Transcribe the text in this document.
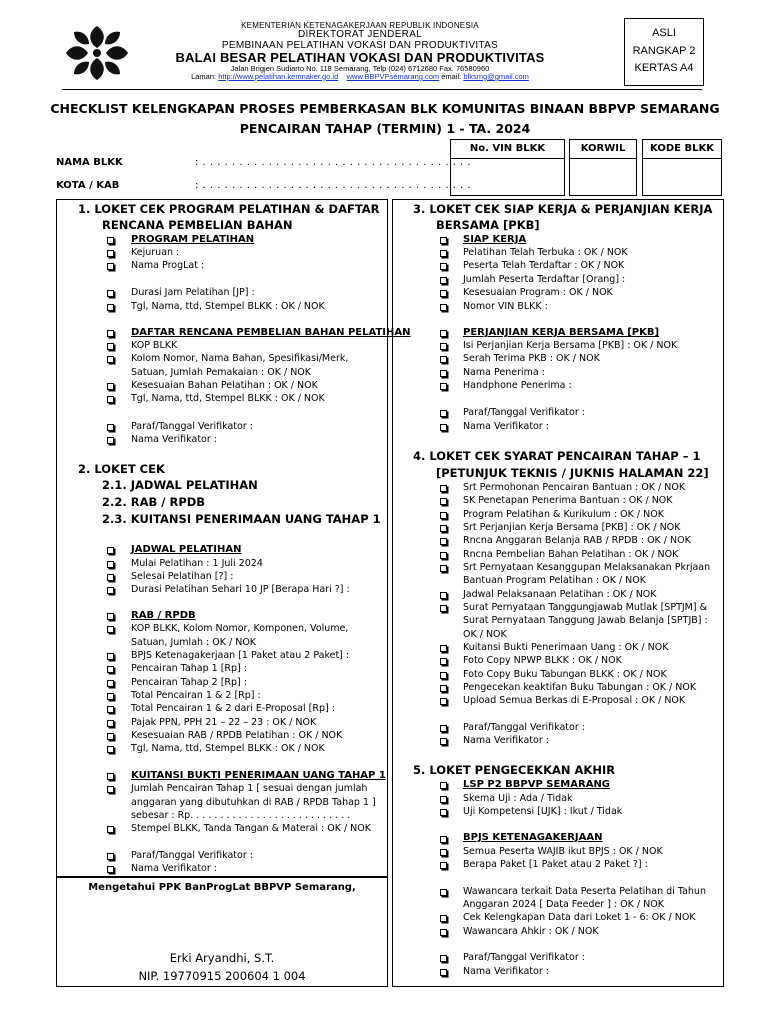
KEMENTERIAN KETENAGAKERJAAN REPUBLIK INDONESIA
DIREKTORAT JENDERAL
PEMBINAAN PELATIHAN VOKASI DAN PRODUKTIVITAS
BALAI BESAR PELATIHAN VOKASI DAN PRODUKTIVITAS
Jalan Brigjen Sudiarto No. 118 Semarang, Telp (024) 6712680 Fax. 76580960
Laman: http://www.pelatihan.kemnaker.go.id www.BBPVPsemarang.com email: blksmg@gmail.com
ASLI
RANGKAP 2
KERTAS A4
CHECKLIST KELENGKAPAN PROSES PEMBERKASAN BLK KOMUNITAS BINAAN BBPVP SEMARANG
PENCAIRAN TAHAP (TERMIN) 1 - TA. 2024
NAMA BLKK	: . . . . . . . . . . . . . . . . . . . . . . . . . . . . . . . . . . . . .
KOTA / KAB	: . . . . . . . . . . . . . . . . . . . . . . . . . . . . . . . . . . . . .
No. VIN BLKK	KORWIL	KODE BLKK
1. LOKET CEK PROGRAM PELATIHAN & DAFTAR
RENCANA PEMBELIAN BAHAN
PROGRAM PELATIHAN
Kejuruan :
Nama ProgLat :
Durasi Jam Pelatihan [JP] :
Tgl, Nama, ttd, Stempel BLKK : OK / NOK
DAFTAR RENCANA PEMBELIAN BAHAN PELATIHAN
KOP BLKK
Kolom Nomor, Nama Bahan, Spesifikasi/Merk,
Satuan, Jumlah Pemakaian : OK / NOK
Kesesuaian Bahan Pelatihan : OK / NOK
Tgl, Nama, ttd, Stempel BLKK : OK / NOK
Paraf/Tanggal Verifikator :
Nama Verifikator :
2. LOKET CEK
2.1. JADWAL PELATIHAN
2.2. RAB / RPDB
2.3. KUITANSI PENERIMAAN UANG TAHAP 1
JADWAL PELATIHAN
Mulai Pelatihan : 1 Juli 2024
Selesai Pelatihan [?] :
Durasi Pelatihan Sehari 10 JP [Berapa Hari ?] :
RAB / RPDB
KOP BLKK, Kolom Nomor, Komponen, Volume,
Satuan, Jumlah : OK / NOK
BPJS Ketenagakerjaan [1 Paket atau 2 Paket] :
Pencairan Tahap 1 [Rp] :
Pencairan Tahap 2 [Rp] :
Total Pencairan 1 & 2 [Rp] :
Total Pencairan 1 & 2 dari E-Proposal [Rp] :
Pajak PPN, PPH 21 – 22 – 23 : OK / NOK
Kesesuaian RAB / RPDB Pelatihan : OK / NOK
Tgl, Nama, ttd, Stempel BLKK : OK / NOK
KUITANSI BUKTI PENERIMAAN UANG TAHAP 1
Jumlah Pencairan Tahap 1 [ sesuai dengan jumlah
anggaran yang dibutuhkan di RAB / RPDB Tahap 1 ]
sebesar : Rp. . . . . . . . . . . . . . . . . . . . . . . . . . .
Stempel BLKK, Tanda Tangan & Materai : OK / NOK
Paraf/Tanggal Verifikator :
Nama Verifikator :
Mengetahui PPK BanProgLat BBPVP Semarang,
Erki Aryandhi, S.T.
NIP. 19770915 200604 1 004
3. LOKET CEK SIAP KERJA & PERJANJIAN KERJA
BERSAMA [PKB]
SIAP KERJA
Pelatihan Telah Terbuka : OK / NOK
Peserta Telah Terdaftar : OK / NOK
Jumlah Peserta Terdaftar [Orang] :
Kesesuaian Program : OK / NOK
Nomor VIN BLKK :
PERJANJIAN KERJA BERSAMA [PKB]
Isi Perjanjian Kerja Bersama [PKB] : OK / NOK
Serah Terima PKB : OK / NOK
Nama Penerima :
Handphone Penerima :
Paraf/Tanggal Verifikator :
Nama Verifikator :
4. LOKET CEK SYARAT PENCAIRAN TAHAP – 1
[PETUNJUK TEKNIS / JUKNIS HALAMAN 22]
Srt Permohonan Pencairan Bantuan : OK / NOK
SK Penetapan Penerima Bantuan : OK / NOK
Program Pelatihan & Kurikulum : OK / NOK
Srt Perjanjian Kerja Bersama [PKB] : OK / NOK
Rncna Anggaran Belanja RAB / RPDB : OK / NOK
Rncna Pembelian Bahan Pelatihan : OK / NOK
Srt Pernyataan Kesanggupan Melaksanakan Pkrjaan
Bantuan Program Pelatihan : OK / NOK
Jadwal Pelaksanaan Pelatihan : OK / NOK
Surat Pernyataan Tanggungjawab Mutlak [SPTJM] &
Surat Pernyataan Tanggung Jawab Belanja [SPTJB] :
OK / NOK
Kuitansi Bukti Penerimaan Uang : OK / NOK
Foto Copy NPWP BLKK : OK / NOK
Foto Copy Buku Tabungan BLKK : OK / NOK
Pengecekan keaktifan Buku Tabungan : OK / NOK
Upload Semua Berkas di E-Proposal : OK / NOK
Paraf/Tanggal Verifikator :
Nama Verifikator :
5. LOKET PENGECEKKAN AKHIR
LSP P2 BBPVP SEMARANG
Skema Uji : Ada / Tidak
Uji Kompetensi [UJK] : Ikut / Tidak
BPJS KETENAGAKERJAAN
Semua Peserta WAJIB ikut BPJS : OK / NOK
Berapa Paket [1 Paket atau 2 Paket ?] :
Wawancara terkait Data Peserta Pelatihan di Tahun
Anggaran 2024 [ Data Feeder ] : OK / NOK
Cek Kelengkapan Data dari Loket 1 - 6: OK / NOK
Wawancara Ahkir : OK / NOK
Paraf/Tanggal Verifikator :
Nama Verifikator :
